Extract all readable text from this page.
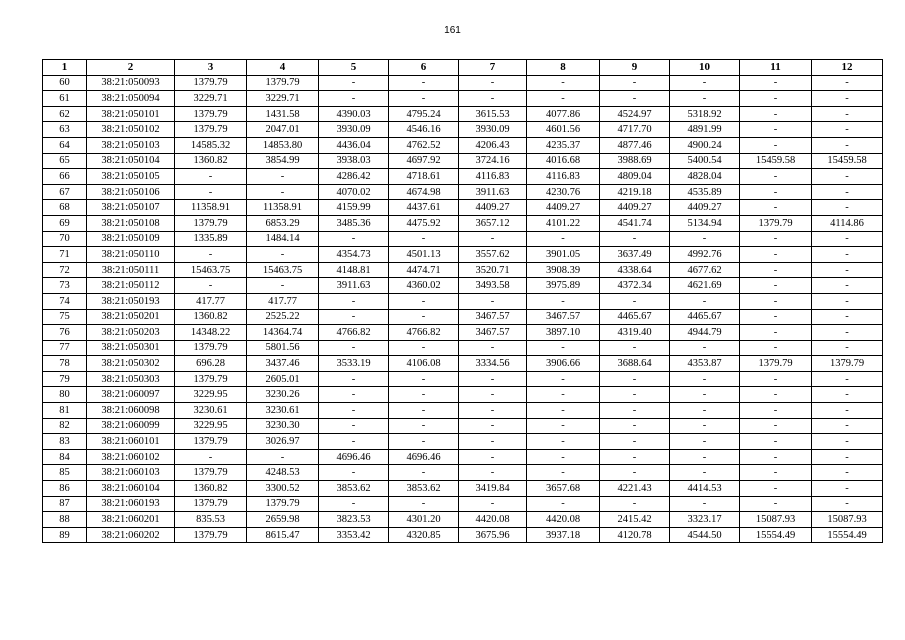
161
1	2	3	4	5	6	7	8	9	10	11	12
60	38:21:050093	1379.79	1379.79	-	-	-	-	-	-	-	-
61	38:21:050094	3229.71	3229.71	-	-	-	-	-	-	-	-
62	38:21:050101	1379.79	1431.58	4390.03	4795.24	3615.53	4077.86	4524.97	5318.92	-	-
63	38:21:050102	1379.79	2047.01	3930.09	4546.16	3930.09	4601.56	4717.70	4891.99	-	-
64	38:21:050103	14585.32	14853.80	4436.04	4762.52	4206.43	4235.37	4877.46	4900.24	-	-
65	38:21:050104	1360.82	3854.99	3938.03	4697.92	3724.16	4016.68	3988.69	5400.54	15459.58	15459.58
66	38:21:050105	-	-	4286.42	4718.61	4116.83	4116.83	4809.04	4828.04	-	-
67	38:21:050106	-	-	4070.02	4674.98	3911.63	4230.76	4219.18	4535.89	-	-
68	38:21:050107	11358.91	11358.91	4159.99	4437.61	4409.27	4409.27	4409.27	4409.27	-	-
69	38:21:050108	1379.79	6853.29	3485.36	4475.92	3657.12	4101.22	4541.74	5134.94	1379.79	4114.86
70	38:21:050109	1335.89	1484.14	-	-	-	-	-	-	-	-
71	38:21:050110	-	-	4354.73	4501.13	3557.62	3901.05	3637.49	4992.76	-	-
72	38:21:050111	15463.75	15463.75	4148.81	4474.71	3520.71	3908.39	4338.64	4677.62	-	-
73	38:21:050112	-	-	3911.63	4360.02	3493.58	3975.89	4372.34	4621.69	-	-
74	38:21:050193	417.77	417.77	-	-	-	-	-	-	-	-
75	38:21:050201	1360.82	2525.22	-	-	3467.57	3467.57	4465.67	4465.67	-	-
76	38:21:050203	14348.22	14364.74	4766.82	4766.82	3467.57	3897.10	4319.40	4944.79	-	-
77	38:21:050301	1379.79	5801.56	-	-	-	-	-	-	-	-
78	38:21:050302	696.28	3437.46	3533.19	4106.08	3334.56	3906.66	3688.64	4353.87	1379.79	1379.79
79	38:21:050303	1379.79	2605.01	-	-	-	-	-	-	-	-
80	38:21:060097	3229.95	3230.26	-	-	-	-	-	-	-	-
81	38:21:060098	3230.61	3230.61	-	-	-	-	-	-	-	-
82	38:21:060099	3229.95	3230.30	-	-	-	-	-	-	-	-
83	38:21:060101	1379.79	3026.97	-	-	-	-	-	-	-	-
84	38:21:060102	-	-	4696.46	4696.46	-	-	-	-	-	-
85	38:21:060103	1379.79	4248.53	-	-	-	-	-	-	-	-
86	38:21:060104	1360.82	3300.52	3853.62	3853.62	3419.84	3657.68	4221.43	4414.53	-	-
87	38:21:060193	1379.79	1379.79	-	-	-	-	-	-	-	-
88	38:21:060201	835.53	2659.98	3823.53	4301.20	4420.08	4420.08	2415.42	3323.17	15087.93	15087.93
89	38:21:060202	1379.79	8615.47	3353.42	4320.85	3675.96	3937.18	4120.78	4544.50	15554.49	15554.49
